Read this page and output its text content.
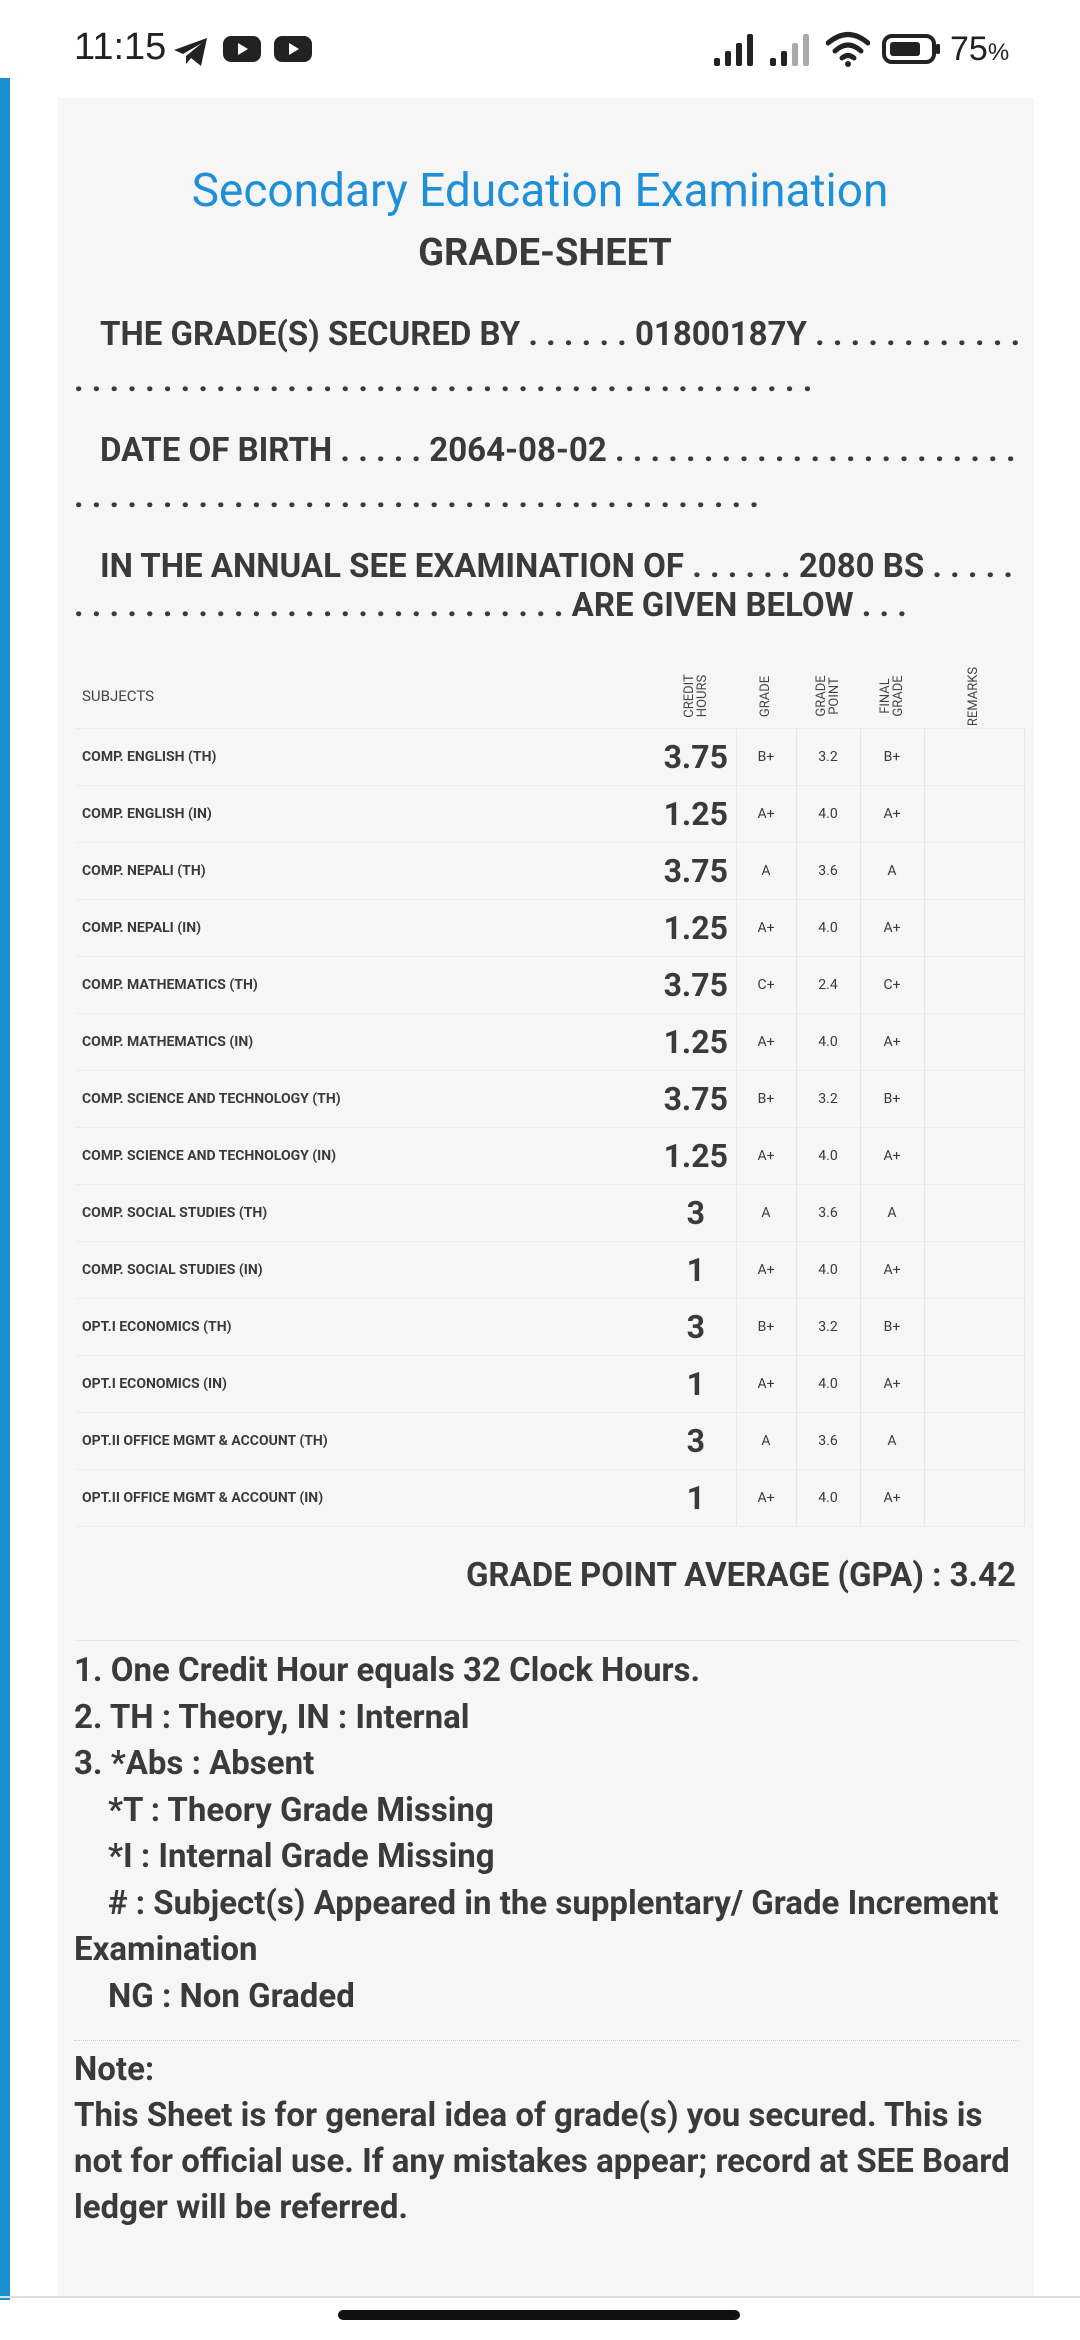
11:15	75%
Secondary Education Examination
GRADE-SHEET
THE GRADE(S) SECURED BY . . . . . . 01800187Y . . . . . . . . . . . .
. . . . . . . . . . . . . . . . . . . . . . . . . . . . . . . . . . . . . . . . . .
DATE OF BIRTH . . . . . 2064-08-02 . . . . . . . . . . . . . . . . . . . . . . .
. . . . . . . . . . . . . . . . . . . . . . . . . . . . . . . . . . . . . . .
IN THE ANNUAL SEE EXAMINATION OF . . . . . . 2080 BS . . . . .
. . . . . . . . . . . . . . . . . . . . . . . . . . . . ARE GIVEN BELOW . . .
SUBJECTS	CREDIT HOURS	GRADE	GRADE POINT	FINAL GRADE	REMARKS
COMP. ENGLISH (TH)	3.75	B+	3.2	B+	
COMP. ENGLISH (IN)	1.25	A+	4.0	A+	
COMP. NEPALI (TH)	3.75	A	3.6	A	
COMP. NEPALI (IN)	1.25	A+	4.0	A+	
COMP. MATHEMATICS (TH)	3.75	C+	2.4	C+	
COMP. MATHEMATICS (IN)	1.25	A+	4.0	A+	
COMP. SCIENCE AND TECHNOLOGY (TH)	3.75	B+	3.2	B+	
COMP. SCIENCE AND TECHNOLOGY (IN)	1.25	A+	4.0	A+	
COMP. SOCIAL STUDIES (TH)	3	A	3.6	A	
COMP. SOCIAL STUDIES (IN)	1	A+	4.0	A+	
OPT.I ECONOMICS (TH)	3	B+	3.2	B+	
OPT.I ECONOMICS (IN)	1	A+	4.0	A+	
OPT.II OFFICE MGMT & ACCOUNT (TH)	3	A	3.6	A	
OPT.II OFFICE MGMT & ACCOUNT (IN)	1	A+	4.0	A+	
GRADE POINT AVERAGE (GPA) : 3.42
1. One Credit Hour equals 32 Clock Hours.
2. TH : Theory, IN : Internal
3. *Abs : Absent
*T : Theory Grade Missing
*I : Internal Grade Missing
# : Subject(s) Appeared in the supplentary/ Grade Increment
Examination
NG : Non Graded
Note:
This Sheet is for general idea of grade(s) you secured. This is not for official use. If any mistakes appear; record at SEE Board ledger will be referred.
